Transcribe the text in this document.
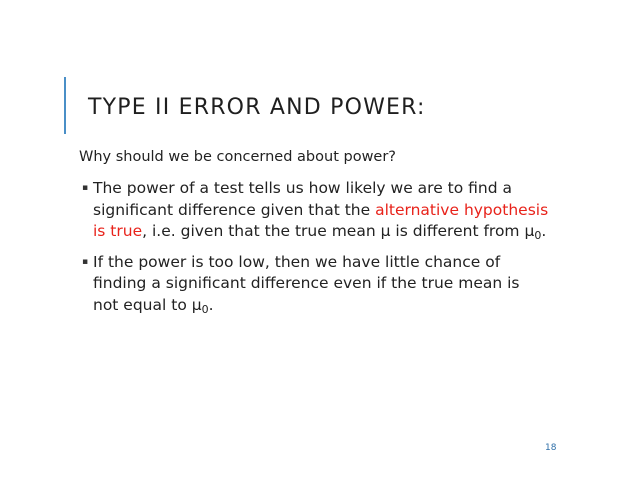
TYPE II ERROR AND POWER:

Why should we be concerned about power?

▪ The power of a test tells us how likely we are to find a significant difference given that the alternative hypothesis is true, i.e. given that the true mean μ is different from $\mu_0$.
▪ If the power is too low, then we have little chance of finding a significant difference even if the true mean is not equal to $\mu_0$.
18
